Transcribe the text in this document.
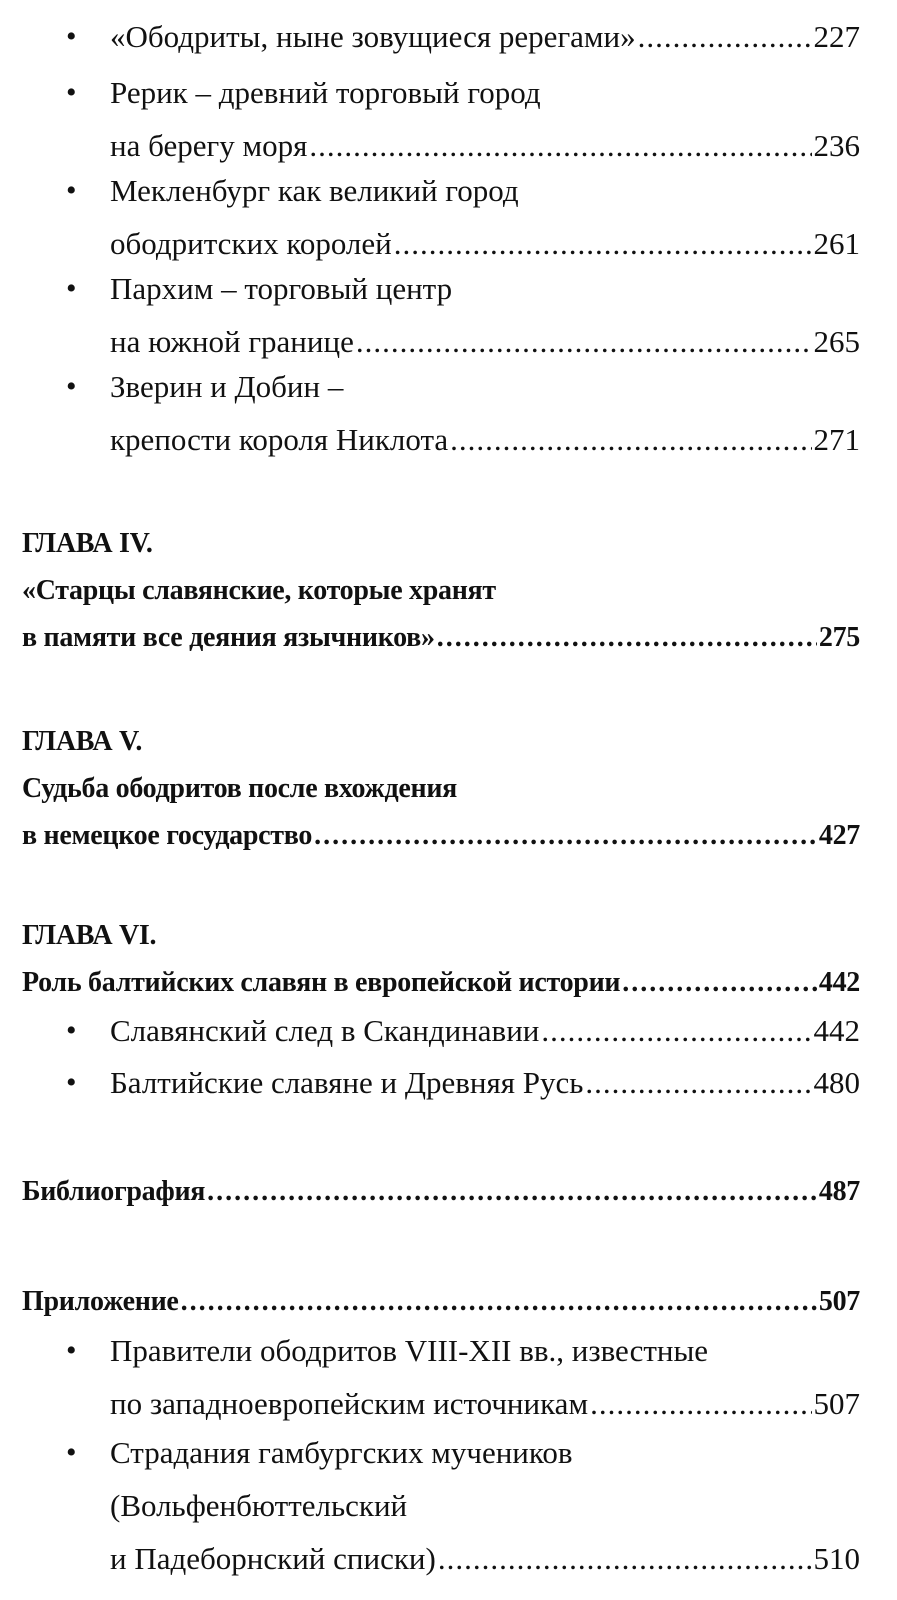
•	«Ободриты, ныне зовущиеся ререгами» .....	227
•	Рерик – древний торговый город
на берегу моря .....	236
•	Мекленбург как великий город
ободритских королей .....	261
•	Пархим – торговый центр
на южной границе .....	265
•	Зверин и Добин –
крепости короля Никлота .....	271
ГЛАВА IV.
«Старцы славянские, которые хранят
в памяти все деяния язычников» .....	275
ГЛАВА V.
Судьба ободритов после вхождения
в немецкое государство .....	427
ГЛАВА VI.
Роль балтийских славян в европейской истории .....	442
•	Славянский след в Скандинавии .....	442
•	Балтийские славяне и Древняя Русь .....	480
Библиография .....	487
Приложение .....	507
•	Правители ободритов VIII-XII вв., известные
по западноевропейским источникам .....	507
•	Страдания гамбургских мучеников
(Вольфенбюттельский
и Падеборнский списки) .....	510
